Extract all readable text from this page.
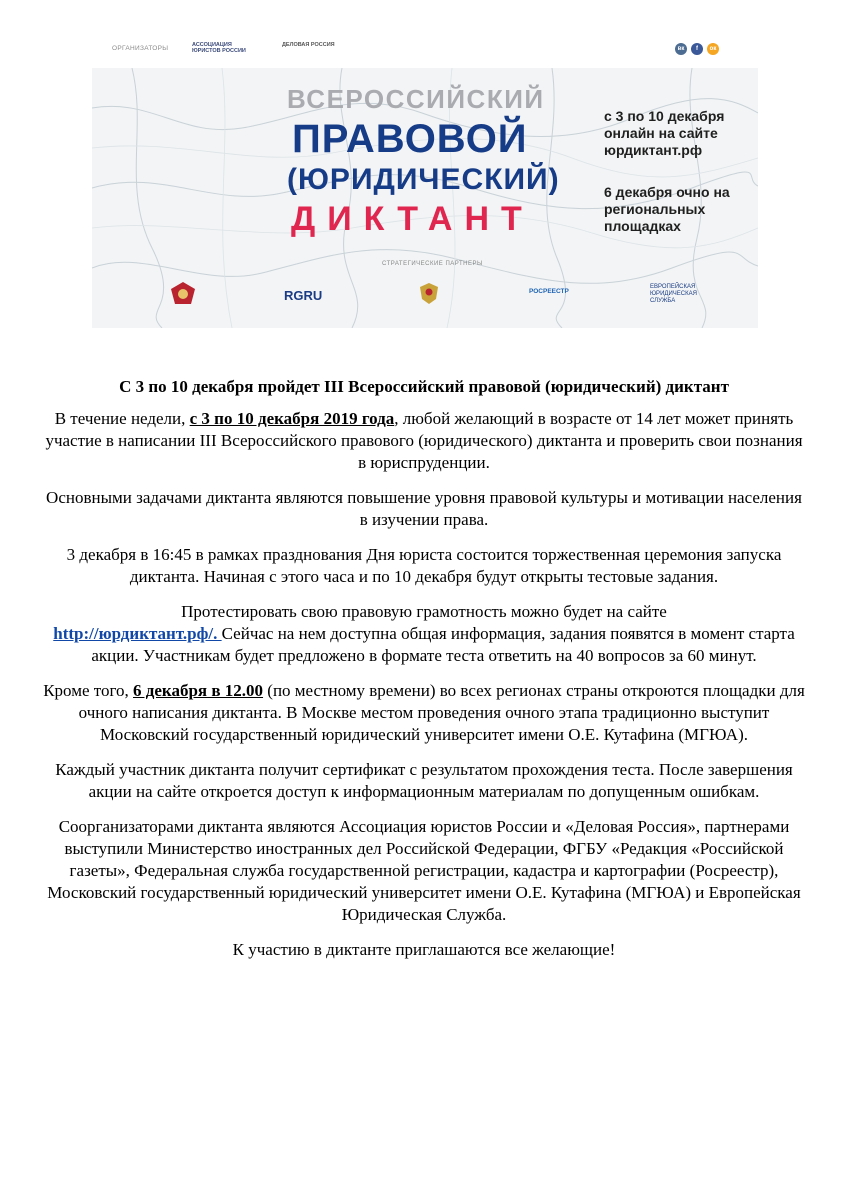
ОРГАНИЗАТОРЫ	АССОЦИАЦИЯ ЮРИСТОВ РОССИИ
ДЕЛОВАЯ РОССИЯ
вк	f	ок
ВСЕРОССИЙСКИЙ
ПРАВОВОЙ
(ЮРИДИЧЕСКИЙ)
ДИКТАНТ
с 3 по 10 декабря
онлайн на сайте
юрдиктант.рф
6 декабря очно на
региональных
площадках
СТРАТЕГИЧЕСКИЕ ПАРТНЕРЫ
RGRU	РОСРЕЕСТР
ЕВРОПЕЙСКАЯ
ЮРИДИЧЕСКАЯ
СЛУЖБА

С 3 по 10 декабря пройдет III Всероссийский правовой (юридический) диктант

В течение недели, с 3 по 10 декабря 2019 года, любой желающий в возрасте от 14 лет может принять участие в написании III Всероссийского правового (юридического) диктанта и проверить свои познания в юриспруденции.

Основными задачами диктанта являются повышение уровня правовой культуры и мотивации населения в изучении права.

3 декабря в 16:45 в рамках празднования Дня юриста состоится торжественная церемония запуска диктанта. Начиная с этого часа и по 10 декабря будут открыты тестовые задания.

Протестировать свою правовую грамотность можно будет на сайте
http://юрдиктант.рф/. Сейчас на нем доступна общая информация, задания появятся в момент старта акции. Участникам будет предложено в формате теста ответить на 40 вопросов за 60 минут.

Кроме того, 6 декабря в 12.00 (по местному времени) во всех регионах страны откроются площадки для очного написания диктанта. В Москве местом проведения очного этапа традиционно выступит Московский государственный юридический университет имени О.Е. Кутафина (МГЮА).

Каждый участник диктанта получит сертификат с результатом прохождения теста. После завершения акции на сайте откроется доступ к информационным материалам по допущенным ошибкам.

Соорганизаторами диктанта являются Ассоциация юристов России и «Деловая Россия», партнерами выступили Министерство иностранных дел Российской Федерации, ФГБУ «Редакция «Российской газеты», Федеральная служба государственной регистрации, кадастра и картографии (Росреестр), Московский государственный юридический университет имени О.Е. Кутафина (МГЮА) и Европейская Юридическая Служба.

К участию в диктанте приглашаются все желающие!
